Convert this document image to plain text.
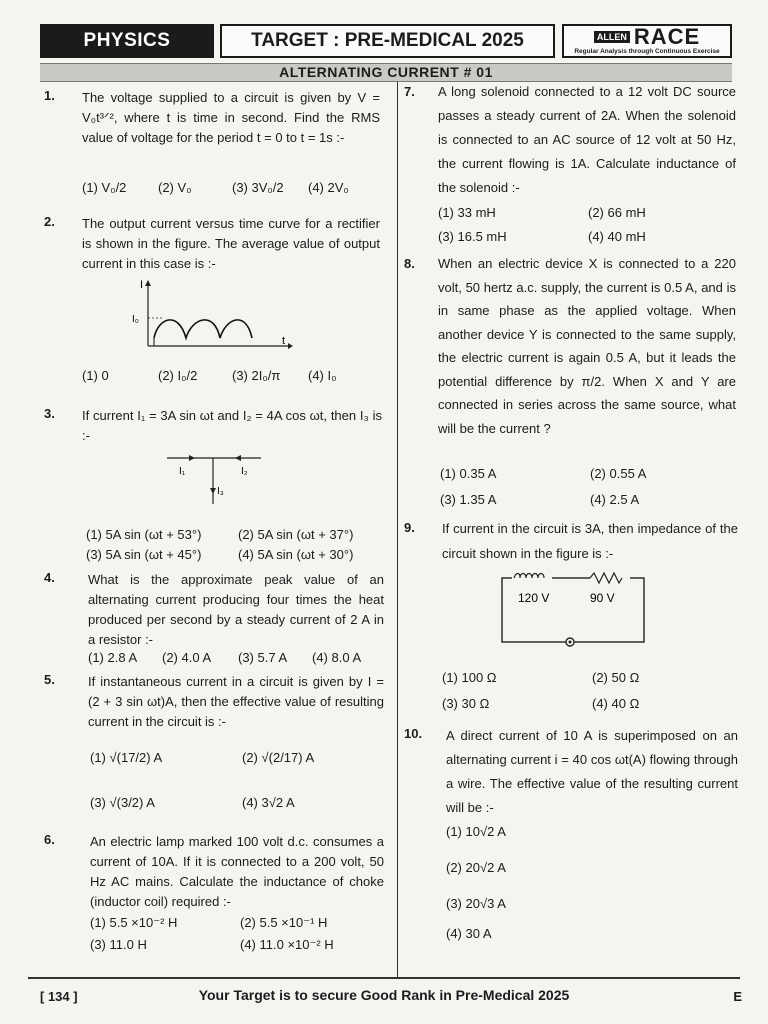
PHYSICS	TARGET : PRE-MEDICAL 2025	ALLEN RACE
Regular Analysis through Continuous Exercise
ALTERNATING CURRENT # 01
1. The voltage supplied to a circuit is given by V = V₀t³ᐟ², where t is time in second. Find the RMS value of voltage for the period t = 0 to t = 1s :-
(1) V₀/2 (2) V₀	(3) 3V₀/2 (4) 2V₀
2. The output current versus time curve for a rectifier is shown in the figure. The average value of output current in this case is :-
I
I₀
t
(1) 0	(2) I₀/2	(3) 2I₀/π (4) I₀
3. If current I₁ = 3A sin ωt and I₂ = 4A cos ωt, then I₃ is :-
I₁	I₂
I₃
(1) 5A sin (ωt + 53°)	(2) 5A sin (ωt + 37°)
(3) 5A sin (ωt + 45°)	(4) 5A sin (ωt + 30°)
4.	What is the approximate peak value of an alternating current producing four times the heat produced per second by a steady current of 2 A in a resistor :-
(1) 2.8 A (2) 4.0 A (3) 5.7 A (4) 8.0 A
5.	If instantaneous current in a circuit is given by I = (2 + 3 sin ωt)A, then the effective value of resulting current in the circuit is :-
(1) √(17/2) A	(2) √(2/17) A
(3) √(3/2) A	(4) 3√2 A
6.	An electric lamp marked 100 volt d.c. consumes a current of 10A. If it is connected to a 200 volt, 50 Hz AC mains. Calculate the inductance of choke (inductor coil) required :-
(1) 5.5 ×10⁻² H	(2) 5.5 ×10⁻¹ H
(3) 11.0 H	(4) 11.0 ×10⁻² H
7. A long solenoid connected to a 12 volt DC source passes a steady current of 2A. When the solenoid is connected to an AC source of 12 volt at 50 Hz, the current flowing is 1A. Calculate inductance of the solenoid :-
(1) 33 mH	(2) 66 mH
(3) 16.5 mH	(4) 40 mH
8. When an electric device X is connected to a 220 volt, 50 hertz a.c. supply, the current is 0.5 A, and is in same phase as the applied voltage. When another device Y is connected to the same supply, the electric current is again 0.5 A, but it leads the potential difference by π/2. When X and Y are connected in series across the same source, what will be the current ?
(1) 0.35 A	(2) 0.55 A
(3) 1.35 A	(4) 2.5 A
9. If current in the circuit is 3A, then impedance of the circuit shown in the figure is :-
120 V	90 V
(1) 100 Ω	(2) 50 Ω
(3) 30 Ω	(4) 40 Ω
10. A direct current of 10 A is superimposed on an alternating current i = 40 cos ωt(A) flowing through a wire. The effective value of the resulting current will be :-
(1) 10√2 A
(2) 20√2 A
(3) 20√3 A
(4) 30 A
[ 134 ]	Your Target is to secure Good Rank in Pre-Medical 2025	E
